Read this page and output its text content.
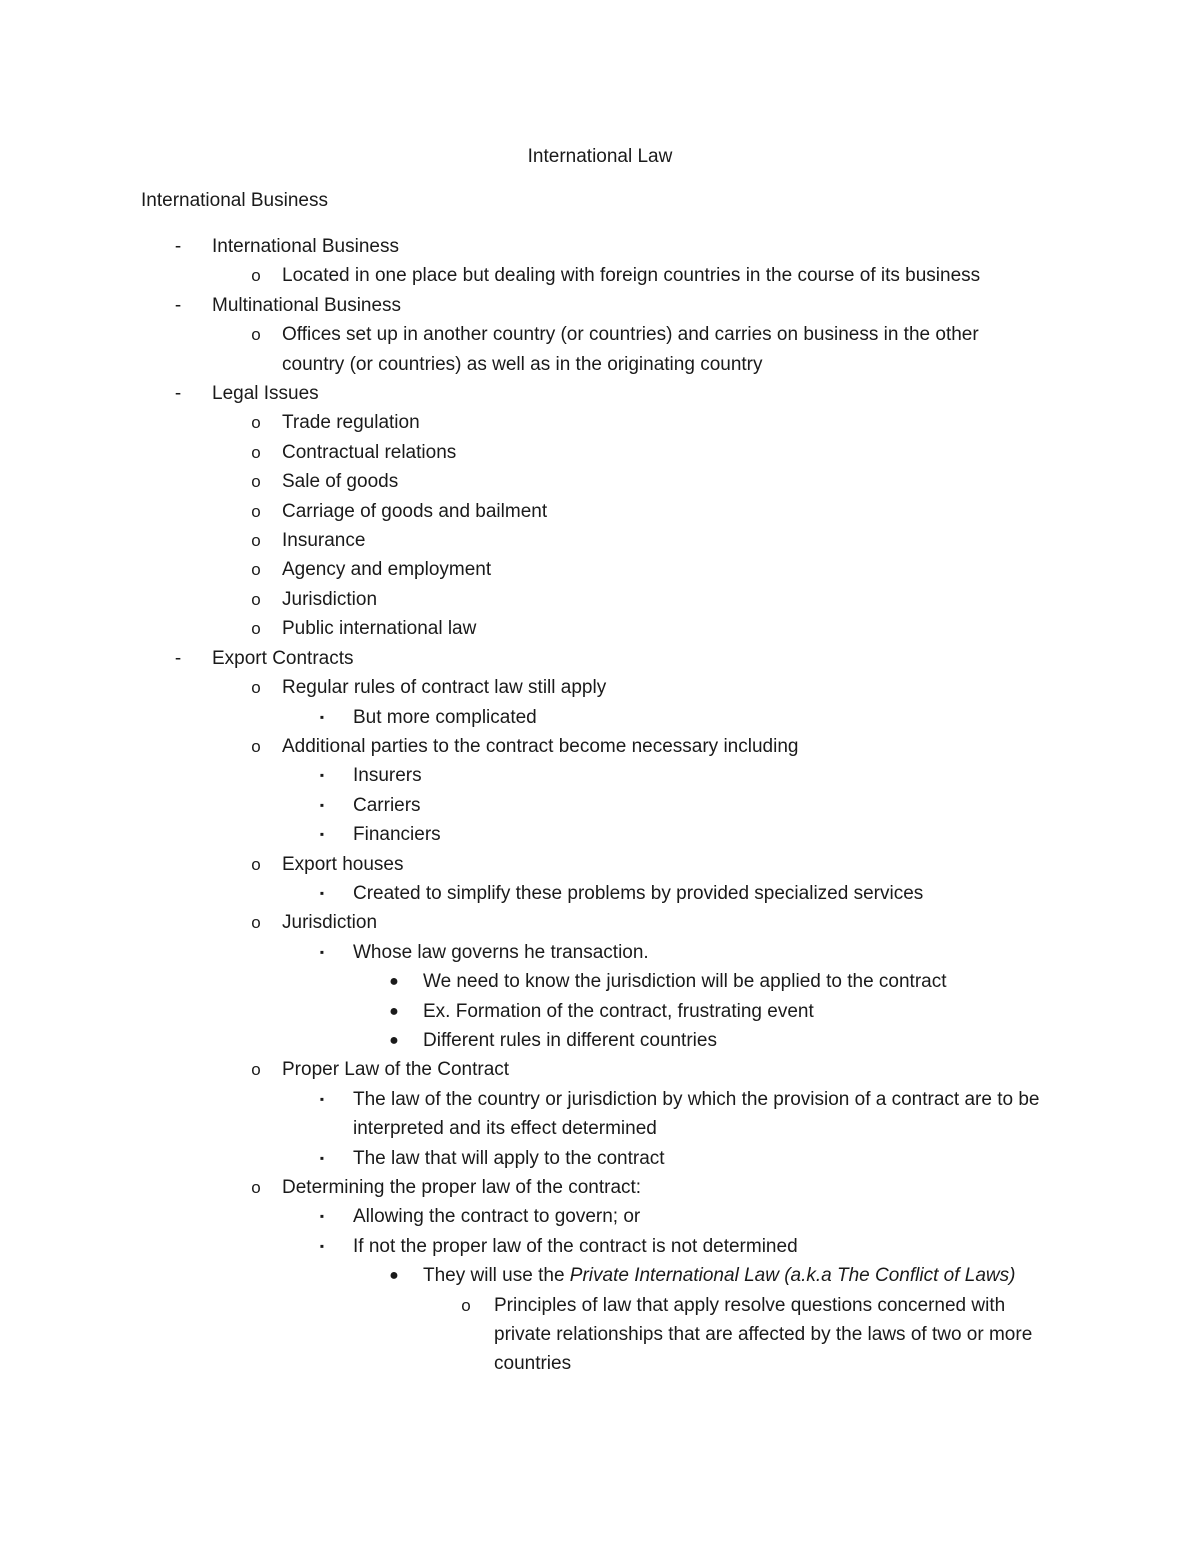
International Law
International Business
-	International Business
o Located in one place but dealing with foreign countries in the course of its business
-	Multinational Business
o Offices set up in another country (or countries) and carries on business in the other country (or countries) as well as in the originating country
-	Legal Issues
o Trade regulation
o Contractual relations
o Sale of goods
o Carriage of goods and bailment
o Insurance
o Agency and employment
o Jurisdiction
o Public international law
-	Export Contracts
o Regular rules of contract law still apply
▪	But more complicated
o Additional parties to the contract become necessary including
▪	Insurers
▪	Carriers
▪	Financiers
o Export houses
▪	Created to simplify these problems by provided specialized services
o Jurisdiction
▪	Whose law governs he transaction.
● We need to know the jurisdiction will be applied to the contract
● Ex. Formation of the contract, frustrating event
● Different rules in different countries
o Proper Law of the Contract
▪	The law of the country or jurisdiction by which the provision of a contract are to be interpreted and its effect determined
▪	The law that will apply to the contract
o Determining the proper law of the contract:
▪	Allowing the contract to govern; or
▪	If not the proper law of the contract is not determined
● They will use the Private International Law (a.k.a The Conflict of Laws)
o Principles of law that apply resolve questions concerned with private relationships that are affected by the laws of two or more countries
